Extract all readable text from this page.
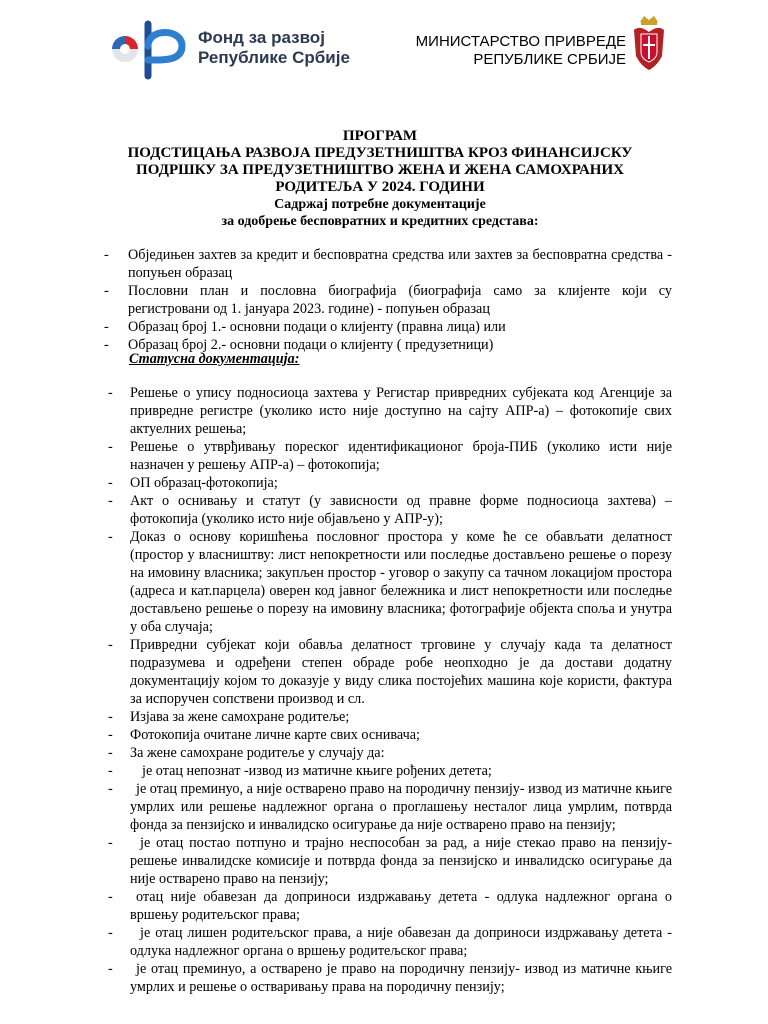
Фонд за развој
Републике Србије
МИНИСТАРСТВО ПРИВРЕДЕ
РЕПУБЛИКЕ СРБИЈЕ
ПРОГРАМ
ПОДСТИЦАЊА РАЗВОЈА ПРЕДУЗЕТНИШТВА КРОЗ ФИНАНСИЈСКУ
ПОДРШКУ ЗА ПРЕДУЗЕТНИШТВО ЖЕНА И ЖЕНА САМОХРАНИХ
РОДИТЕЉА У 2024. ГОДИНИ
Садржај потребне документације
за одобрење бесповратних и кредитних средстава:
- Обједињен захтев за кредит и бесповратна средства или захтев за бесповратна средства - попуњен образац
- Пословни план и пословна биографија (биографија само за клијенте који су регистровани од 1. јануара 2023. године) - попуњен образац
- Образац број 1.- основни подаци о клијенту (правна лица) или
- Образац број 2.- основни подаци о клијенту ( предузетници)
Статусна документација:
- Решење о упису подносиоца захтева у Регистар привредних субјеката код Агенције за привредне регистре (уколико исто није доступно на сајту АПР-а) – фотокопије свих актуелних решења;
- Решење о утврђивању пореског идентификационог броја-ПИБ (уколико исти није назначен у решењу АПР-а) – фотокопија;
- ОП образац-фотокопија;
- Акт о оснивању и статут (у зависности од правне форме подносиоца захтева) – фотокопија (уколико исто није објављено у АПР-у);
- Доказ о основу коришћења пословног простора у коме ће се обављати делатност (простор у власништву: лист непокретности или последње достављено решење о порезу на имовину власника; закупљен простор - уговор о закупу са тачном локацијом простора (адреса и кат.парцела) оверен код јавног бележника и лист непокретности или последње достављено решење о порезу на имовину власника; фотографије објекта споља и унутра у оба случаја;
- Привредни субјекат који обавља делатност трговине у случају када та делатност подразумева и одређени степен обраде робе неопходно је да достави додатну документацију којом то доказује у виду слика постојећих машина које користи, фактура за испоручен сопствени производ и сл.
- Изјава за жене самохране родитеље;
- Фотокопија очитане личне карте свих оснивача;
- За жене самохране родитеље у случају да:
-	је отац непознат -извод из матичне књиге рођених детета;
-	је отац преминуо, а није остварено право на породичну пензију- извод из матичне књиге умрлих или решење надлежног органа о проглашењу несталог лица умрлим, потврда фонда за пензијско и инвалидско осигурање да није остварено право на пензију;
-	је отац постао потпуно и трајно неспособан за рад, а није стекао право на пензију- решење инвалидске комисије и потврда фонда за пензијско и инвалидско осигурање да није остварено право на пензију;
-	отац није обавезан да доприноси издржавању детета - одлука надлежног органа о вршењу родитељског права;
-	је отац лишен родитељског права, а није обавезан да доприноси издржавању детета - одлука надлежног органа о вршењу родитељског права;
-	је отац преминуо, а остварено је право на породичну пензију- извод из матичне књиге умрлих и решење о остваривању права на породичну пензију;
